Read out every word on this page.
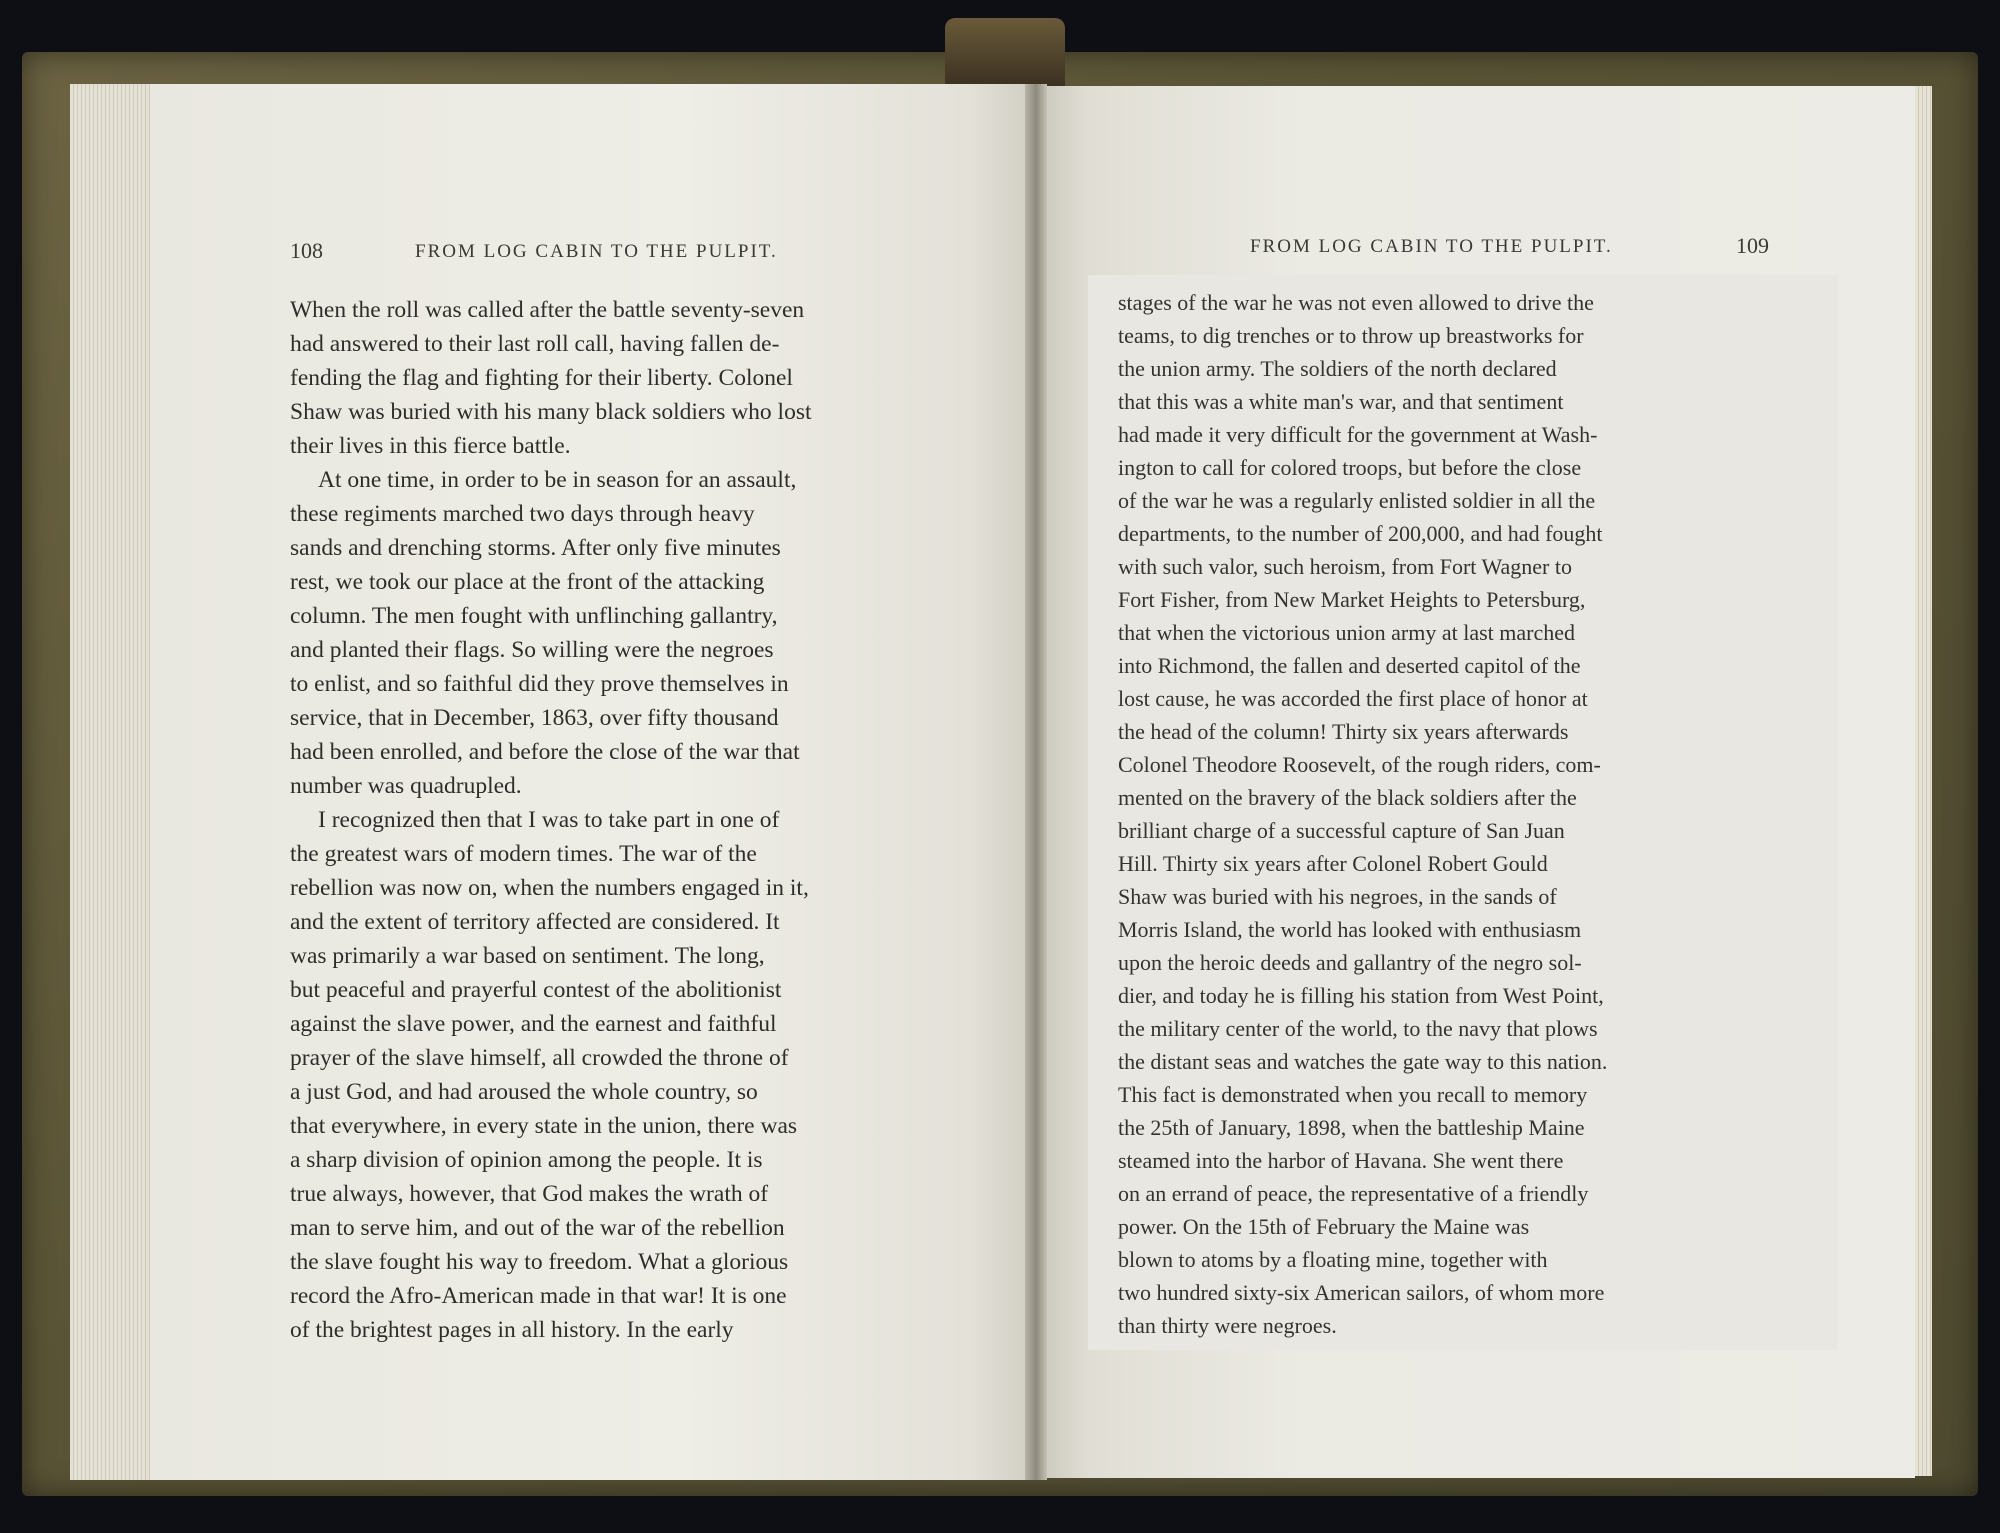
108	FROM LOG CABIN TO THE PULPIT.	FROM LOG CABIN TO THE PULPIT.	109
When the roll was called after the battle seventy-seven
had answered to their last roll call, having fallen de-
fending the flag and fighting for their liberty. Colonel
Shaw was buried with his many black soldiers who lost
their lives in this fierce battle.
At one time, in order to be in season for an assault,
these regiments marched two days through heavy
sands and drenching storms. After only five minutes
rest, we took our place at the front of the attacking
column. The men fought with unflinching gallantry,
and planted their flags. So willing were the negroes
to enlist, and so faithful did they prove themselves in
service, that in December, 1863, over fifty thousand
had been enrolled, and before the close of the war that
number was quadrupled.
I recognized then that I was to take part in one of
the greatest wars of modern times. The war of the
rebellion was now on, when the numbers engaged in it,
and the extent of territory affected are considered. It
was primarily a war based on sentiment. The long,
but peaceful and prayerful contest of the abolitionist
against the slave power, and the earnest and faithful
prayer of the slave himself, all crowded the throne of
a just God, and had aroused the whole country, so
that everywhere, in every state in the union, there was
a sharp division of opinion among the people. It is
true always, however, that God makes the wrath of
man to serve him, and out of the war of the rebellion
the slave fought his way to freedom. What a glorious
record the Afro-American made in that war! It is one
of the brightest pages in all history. In the early
stages of the war he was not even allowed to drive the
teams, to dig trenches or to throw up breastworks for
the union army. The soldiers of the north declared
that this was a white man's war, and that sentiment
had made it very difficult for the government at Wash-
ington to call for colored troops, but before the close
of the war he was a regularly enlisted soldier in all the
departments, to the number of 200,000, and had fought
with such valor, such heroism, from Fort Wagner to
Fort Fisher, from New Market Heights to Petersburg,
that when the victorious union army at last marched
into Richmond, the fallen and deserted capitol of the
lost cause, he was accorded the first place of honor at
the head of the column! Thirty six years afterwards
Colonel Theodore Roosevelt, of the rough riders, com-
mented on the bravery of the black soldiers after the
brilliant charge of a successful capture of San Juan
Hill. Thirty six years after Colonel Robert Gould
Shaw was buried with his negroes, in the sands of
Morris Island, the world has looked with enthusiasm
upon the heroic deeds and gallantry of the negro sol-
dier, and today he is filling his station from West Point,
the military center of the world, to the navy that plows
the distant seas and watches the gate way to this nation.
This fact is demonstrated when you recall to memory
the 25th of January, 1898, when the battleship Maine
steamed into the harbor of Havana. She went there
on an errand of peace, the representative of a friendly
power. On the 15th of February the Maine was
blown to atoms by a floating mine, together with
two hundred sixty-six American sailors, of whom more
than thirty were negroes.
